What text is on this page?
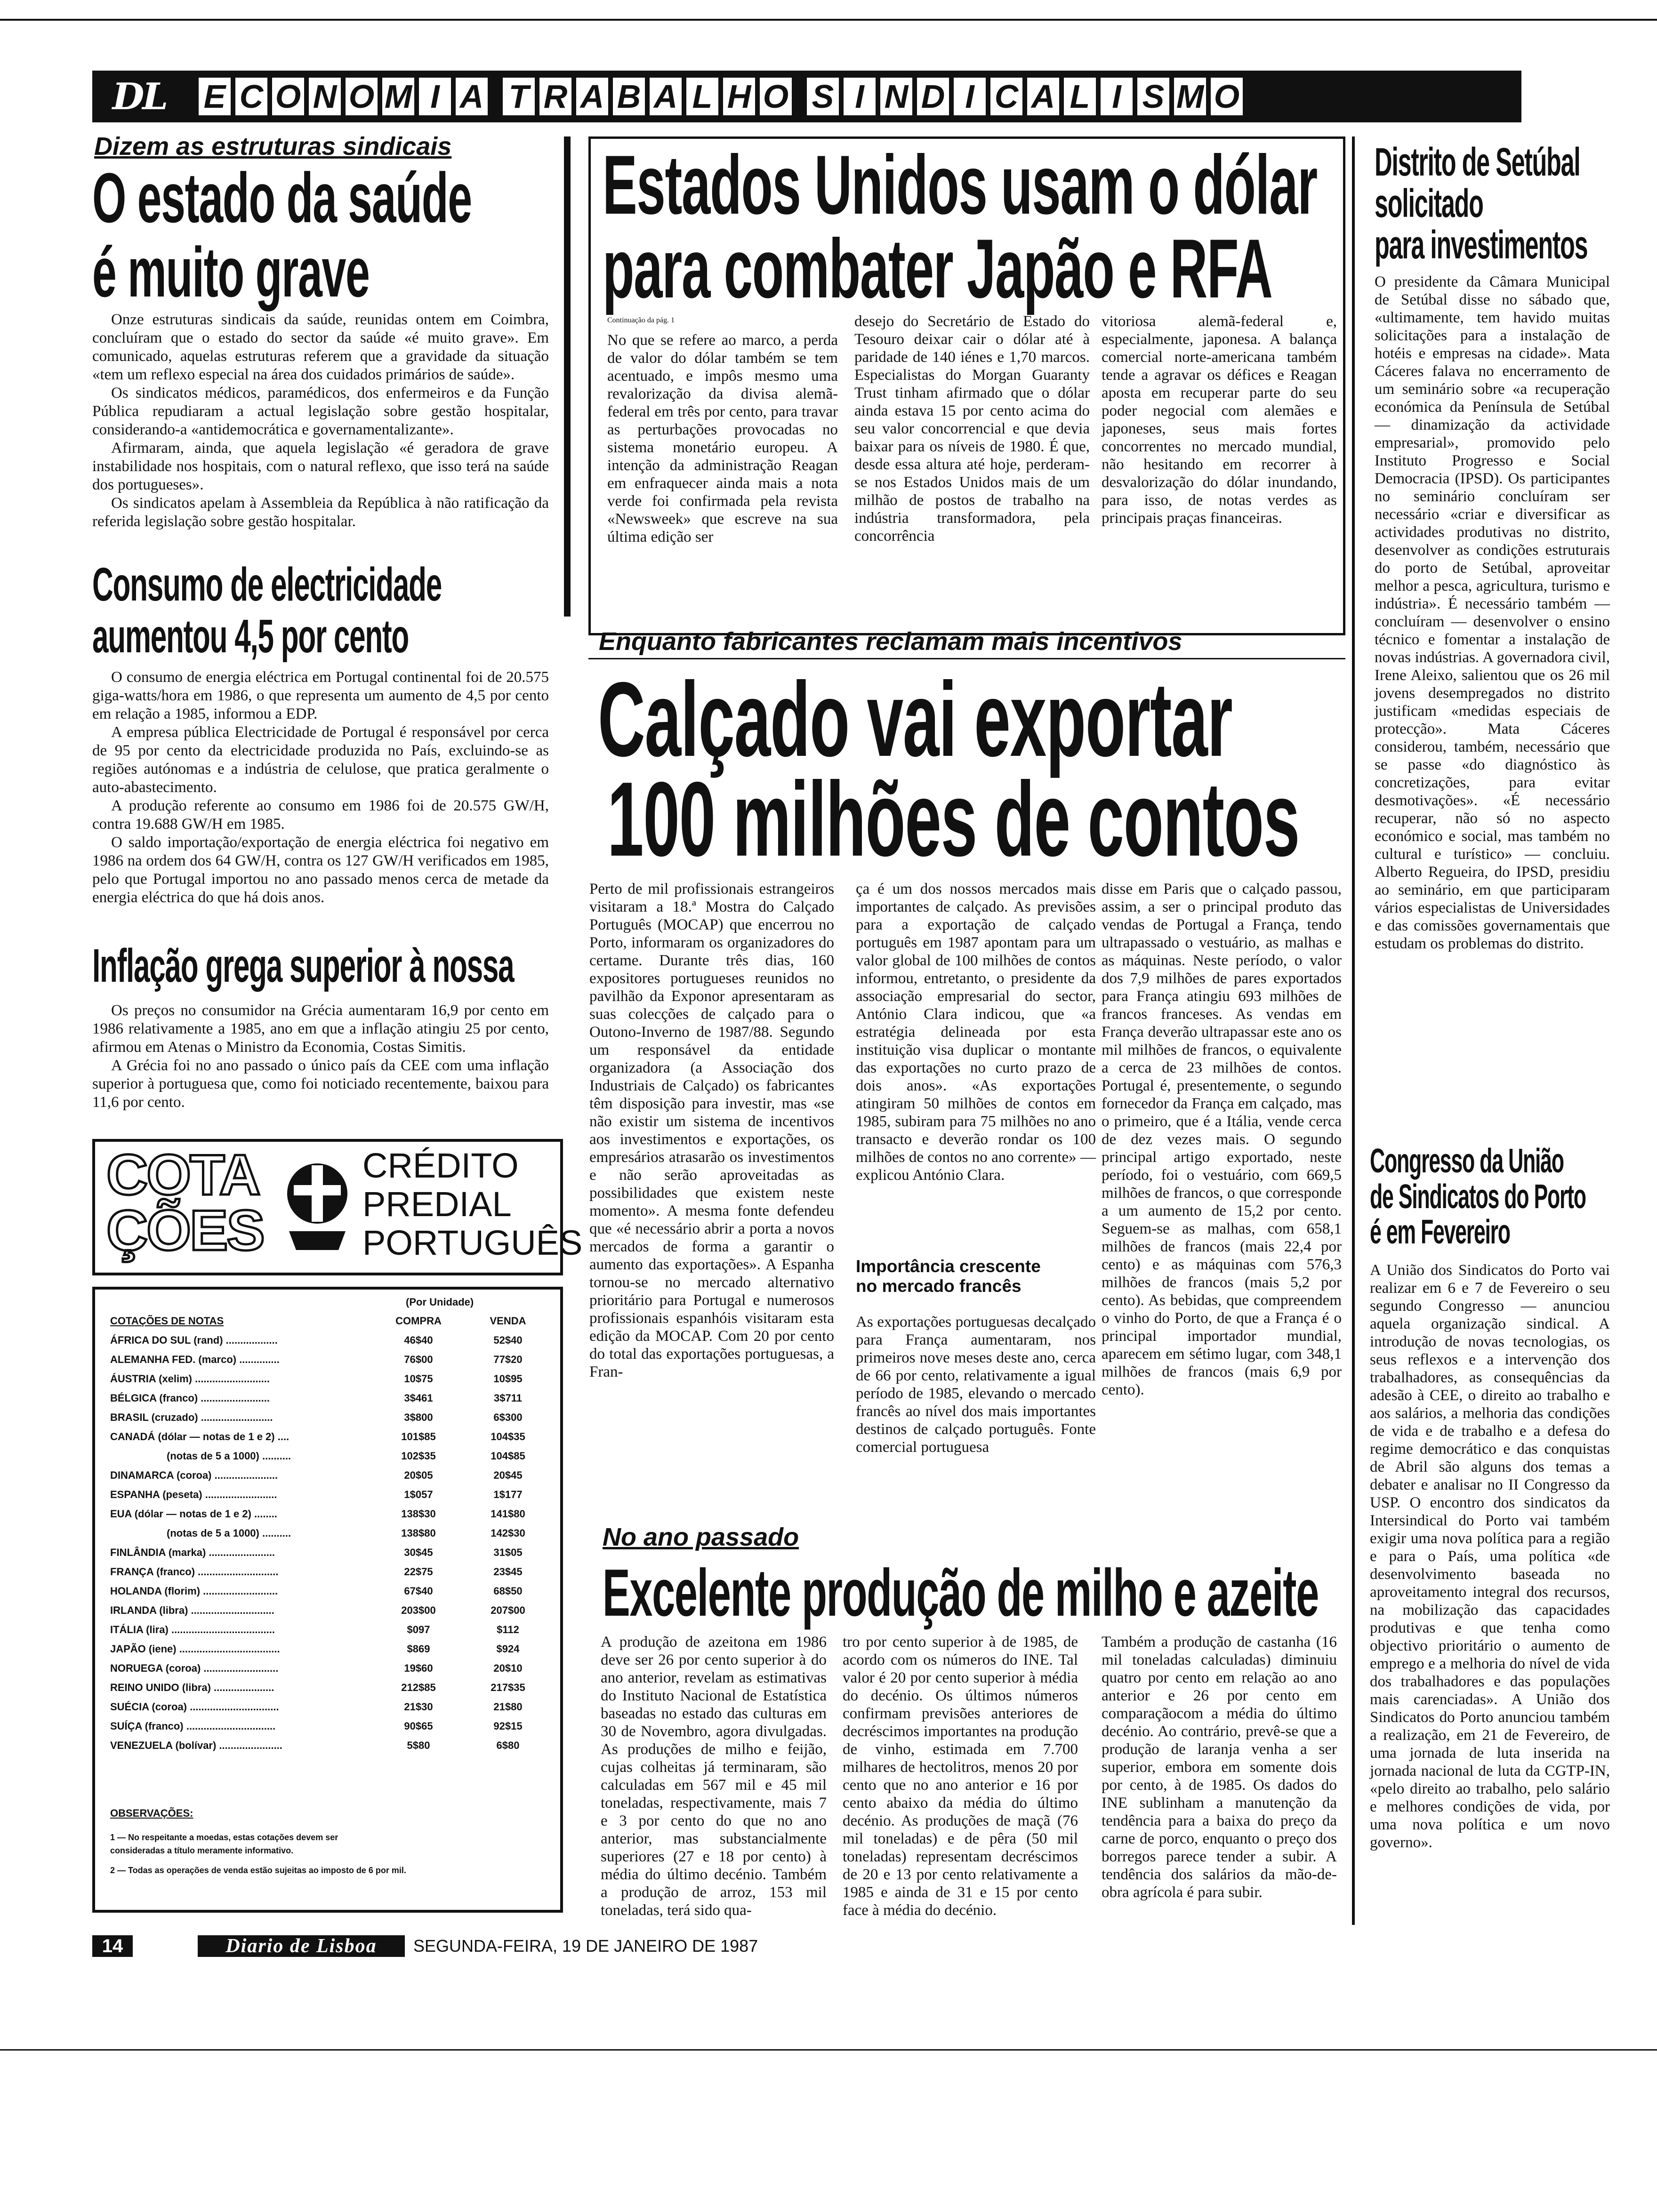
DL	E C O N O M I A T R A B A L H O S I N D I C A L I S M O
Dizem as estruturas sindicais
O estado da saúde
é muito grave

Onze estruturas sindicais da saúde, reunidas ontem em Coimbra, concluíram que o estado do sector da saúde «é muito grave». Em comunicado, aquelas estruturas referem que a gravidade da situação «tem um reflexo especial na área dos cuidados primários de saúde».

Os sindicatos médicos, paramédicos, dos enfermeiros e da Função Pública repudiaram a actual legislação sobre gestão hospitalar, considerando-a «antidemocrática e governamentalizante».

Afirmaram, ainda, que aquela legislação «é geradora de grave instabilidade nos hospitais, com o natural reflexo, que isso terá na saúde dos portugueses».

Os sindicatos apelam à Assembleia da República à não ratificação da referida legislação sobre gestão hospitalar.

Consumo de electricidade
aumentou 4,5 por cento

O consumo de energia eléctrica em Portugal continental foi de 20.575 giga-watts/hora em 1986, o que representa um aumento de 4,5 por cento em relação a 1985, informou a EDP.

A empresa pública Electricidade de Portugal é responsável por cerca de 95 por cento da electricidade produzida no País, excluindo-se as regiões autónomas e a indústria de celulose, que pratica geralmente o auto-abastecimento.

A produção referente ao consumo em 1986 foi de 20.575 GW/H, contra 19.688 GW/H em 1985.

O saldo importação/exportação de energia eléctrica foi negativo em 1986 na ordem dos 64 GW/H, contra os 127 GW/H verificados em 1985, pelo que Portugal importou no ano passado menos cerca de metade da energia eléctrica do que há dois anos.

Inflação grega superior à nossa

Os preços no consumidor na Grécia aumentaram 16,9 por cento em 1986 relativamente a 1985, ano em que a inflação atingiu 25 por cento, afirmou em Atenas o Ministro da Economia, Costas Simitis.

A Grécia foi no ano passado o único país da CEE com uma inflação superior à portuguesa que, como foi noticiado recentemente, baixou para 11,6 por cento.

COTA
ÇÕES
CRÉDITO
PREDIAL
PORTUGUÊS
(Por Unidade)
COTAÇÕES DE NOTAS	COMPRA	VENDA
ÁFRICA DO SUL (rand) ..................	46$40	52$40
ALEMANHA FED. (marco) ..............	76$00	77$20
ÁUSTRIA (xelim) ..........................	10$75	10$95
BÉLGICA (franco) ........................	3$461	3$711
BRASIL (cruzado) .........................	3$800	6$300
CANADÁ (dólar — notas de 1 e 2) ....	101$85	104$35
(notas de 5 a 1000) ..........	102$35	104$85
DINAMARCA (coroa) ......................	20$05	20$45
ESPANHA (peseta) .........................	1$057	1$177
EUA (dólar — notas de 1 e 2) ........	138$30	141$80
(notas de 5 a 1000) ..........	138$80	142$30
FINLÂNDIA (marka) .......................	30$45	31$05
FRANÇA (franco) ............................	22$75	23$45
HOLANDA (florim) ..........................	67$40	68$50
IRLANDA (libra) .............................	203$00	207$00
ITÁLIA (lira) ....................................	$097	$112
JAPÃO (iene) ...................................	$869	$924
NORUEGA (coroa) ..........................	19$60	20$10
REINO UNIDO (libra) .....................	212$85	217$35
SUÉCIA (coroa) ...............................	21$30	21$80
SUÍÇA (franco) ...............................	90$65	92$15
VENEZUELA (bolívar) ......................	5$80	6$80
OBSERVAÇÕES:
1 — No respeitante a moedas, estas cotações devem ser consideradas a título meramente informativo.
2 — Todas as operações de venda estão sujeitas ao imposto de 6 por mil.
Estados Unidos usam o dólar
para combater Japão e RFA
Continuação da pág. 1
No que se refere ao marco, a perda de valor do dólar também se tem acentuado, e impôs mesmo uma revalorização da divisa alemã-federal em três por cento, para travar as perturbações provocadas no sistema monetário europeu. A intenção da administração Reagan em enfraquecer ainda mais a nota verde foi confirmada pela revista «Newsweek» que escreve na sua última edição ser
desejo do Secretário de Estado do Tesouro deixar cair o dólar até à paridade de 140 iénes e 1,70 marcos. Especialistas do Morgan Guaranty Trust tinham afirmado que o dólar ainda estava 15 por cento acima do seu valor concorrencial e que devia baixar para os níveis de 1980. É que, desde essa altura até hoje, perderam-se nos Estados Unidos mais de um milhão de postos de trabalho na indústria transformadora, pela concorrência
vitoriosa alemã-federal e, especialmente, japonesa. A balança comercial norte-americana também tende a agravar os défices e Reagan aposta em recuperar parte do seu poder negocial com alemães e japoneses, seus mais fortes concorrentes no mercado mundial, não hesitando em recorrer à desvalorização do dólar inundando, para isso, de notas verdes as principais praças financeiras.
Enquanto fabricantes reclamam mais incentivos
Calçado vai exportar
100 milhões de contos
Perto de mil profissionais estrangeiros visitaram a 18.ª Mostra do Calçado Português (MOCAP) que encerrou no Porto, informaram os organizadores do certame. Durante três dias, 160 expositores portugueses reunidos no pavilhão da Exponor apresentaram as suas colecções de calçado para o Outono-Inverno de 1987/88. Segundo um responsável da entidade organizadora (a Associação dos Industriais de Calçado) os fabricantes têm disposição para investir, mas «se não existir um sistema de incentivos aos investimentos e exportações, os empresários atrasarão os investimentos e não serão aproveitadas as possibilidades que existem neste momento». A mesma fonte defendeu que «é necessário abrir a porta a novos mercados de forma a garantir o aumento das exportações». A Espanha tornou-se no mercado alternativo prioritário para Portugal e numerosos profissionais espanhóis visitaram esta edição da MOCAP. Com 20 por cento do total das exportações portuguesas, a Fran-
ça é um dos nossos mercados mais importantes de calçado. As previsões para a exportação de calçado português em 1987 apontam para um valor global de 100 milhões de contos informou, entretanto, o presidente da associação empresarial do sector, António Clara indicou, que «a estratégia delineada por esta instituição visa duplicar o montante das exportações no curto prazo de dois anos». «As exportações atingiram 50 milhões de contos em 1985, subiram para 75 milhões no ano transacto e deverão rondar os 100 milhões de contos no ano corrente» — explicou António Clara.
Importância crescente
no mercado francês
As exportações portuguesas decalçado para França aumentaram, nos primeiros nove meses deste ano, cerca de 66 por cento, relativamente a igual período de 1985, elevando o mercado francês ao nível dos mais importantes destinos de calçado português. Fonte comercial portuguesa
disse em Paris que o calçado passou, assim, a ser o principal produto das vendas de Portugal a França, tendo ultrapassado o vestuário, as malhas e as máquinas. Neste período, o valor dos 7,9 milhões de pares exportados para França atingiu 693 milhões de francos franceses. As vendas em França deverão ultrapassar este ano os mil milhões de francos, o equivalente a cerca de 23 milhões de contos. Portugal é, presentemente, o segundo fornecedor da França em calçado, mas o primeiro, que é a Itália, vende cerca de dez vezes mais. O segundo principal artigo exportado, neste período, foi o vestuário, com 669,5 milhões de francos, o que corresponde a um aumento de 15,2 por cento. Seguem-se as malhas, com 658,1 milhões de francos (mais 22,4 por cento) e as máquinas com 576,3 milhões de francos (mais 5,2 por cento). As bebidas, que compreendem o vinho do Porto, de que a França é o principal importador mundial, aparecem em sétimo lugar, com 348,1 milhões de francos (mais 6,9 por cento).
No ano passado
Excelente produção de milho e azeite
A produção de azeitona em 1986 deve ser 26 por cento superior à do ano anterior, revelam as estimativas do Instituto Nacional de Estatística baseadas no estado das culturas em 30 de Novembro, agora divulgadas. As produções de milho e feijão, cujas colheitas já terminaram, são calculadas em 567 mil e 45 mil toneladas, respectivamente, mais 7 e 3 por cento do que no ano anterior, mas substancialmente superiores (27 e 18 por cento) à média do último decénio. Também a produção de arroz, 153 mil toneladas, terá sido qua-
tro por cento superior à de 1985, de acordo com os números do INE. Tal valor é 20 por cento superior à média do decénio. Os últimos números confirmam previsões anteriores de decréscimos importantes na produção de vinho, estimada em 7.700 milhares de hectolitros, menos 20 por cento que no ano anterior e 16 por cento abaixo da média do último decénio. As produções de maçã (76 mil toneladas) e de pêra (50 mil toneladas) representam decréscimos de 20 e 13 por cento relativamente a 1985 e ainda de 31 e 15 por cento face à média do decénio.
Também a produção de castanha (16 mil toneladas calculadas) diminuiu quatro por cento em relação ao ano anterior e 26 por cento em comparaçãocom a média do último decénio. Ao contrário, prevê-se que a produção de laranja venha a ser superior, embora em somente dois por cento, à de 1985. Os dados do INE sublinham a manutenção da tendência para a baixa do preço da carne de porco, enquanto o preço dos borregos parece tender a subir. A tendência dos salários da mão-de-obra agrícola é para subir.
Distrito de Setúbal
solicitado
para investimentos
O presidente da Câmara Municipal de Setúbal disse no sábado que, «ultimamente, tem havido muitas solicitações para a instalação de hotéis e empresas na cidade». Mata Cáceres falava no encerramento de um seminário sobre «a recuperação económica da Península de Setúbal — dinamização da actividade empresarial», promovido pelo Instituto Progresso e Social Democracia (IPSD). Os participantes no seminário concluíram ser necessário «criar e diversificar as actividades produtivas no distrito, desenvolver as condições estruturais do porto de Setúbal, aproveitar melhor a pesca, agricultura, turismo e indústria». É necessário também — concluíram — desenvolver o ensino técnico e fomentar a instalação de novas indústrias. A governadora civil, Irene Aleixo, salientou que os 26 mil jovens desempregados no distrito justificam «medidas especiais de protecção». Mata Cáceres considerou, também, necessário que se passe «do diagnóstico às concretizações, para evitar desmotivações». «É necessário recuperar, não só no aspecto económico e social, mas também no cultural e turístico» — concluiu. Alberto Regueira, do IPSD, presidiu ao seminário, em que participaram vários especialistas de Universidades e das comissões governamentais que estudam os problemas do distrito.
Congresso da União
de Sindicatos do Porto
é em Fevereiro
A União dos Sindicatos do Porto vai realizar em 6 e 7 de Fevereiro o seu segundo Congresso — anunciou aquela organização sindical. A introdução de novas tecnologias, os seus reflexos e a intervenção dos trabalhadores, as consequências da adesão à CEE, o direito ao trabalho e aos salários, a melhoria das condições de vida e de trabalho e a defesa do regime democrático e das conquistas de Abril são alguns dos temas a debater e analisar no II Congresso da USP. O encontro dos sindicatos da Intersindical do Porto vai também exigir uma nova política para a região e para o País, uma política «de desenvolvimento baseada no aproveitamento integral dos recursos, na mobilização das capacidades produtivas e que tenha como objectivo prioritário o aumento de emprego e a melhoria do nível de vida dos trabalhadores e das populações mais carenciadas». A União dos Sindicatos do Porto anunciou também a realização, em 21 de Fevereiro, de uma jornada de luta inserida na jornada nacional de luta da CGTP-IN, «pelo direito ao trabalho, pelo salário e melhores condições de vida, por uma nova política e um novo governo».
14	Diario de Lisboa	SEGUNDA-FEIRA, 19 DE JANEIRO DE 1987
